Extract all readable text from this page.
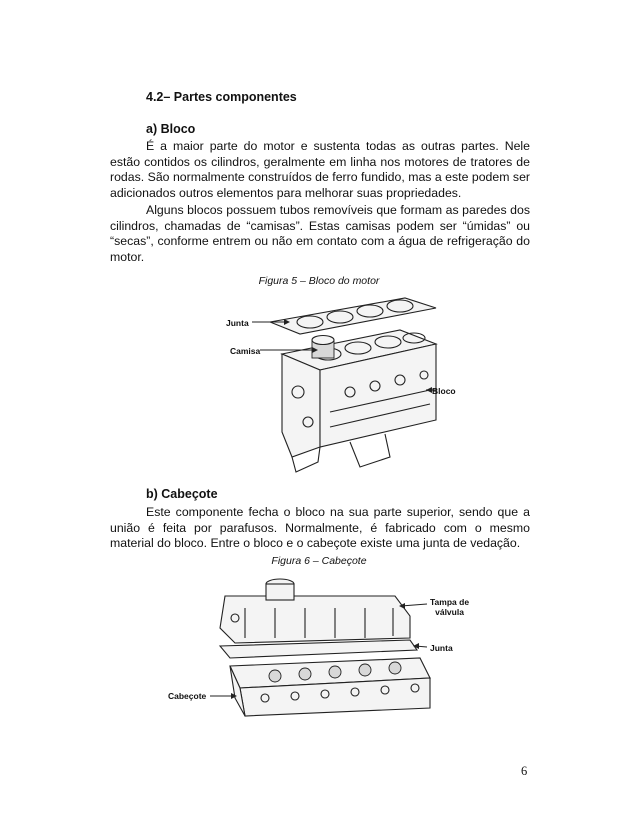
4.2– Partes componentes
a) Bloco

É a maior parte do motor e sustenta todas as outras partes. Nele estão contidos os cilindros, geralmente em linha nos motores de tratores de rodas. São normalmente construídos de ferro fundido, mas a este podem ser adicionados outros elementos para melhorar suas propriedades.

Alguns blocos possuem tubos removíveis que formam as paredes dos cilindros, chamadas de “camisas”. Estas camisas podem ser “úmidas” ou “secas”, conforme entrem ou não em contato com a água de refrigeração do motor.

Figura 5 – Bloco do motor
Junta
Camisa
Bloco
b) Cabeçote

Este componente fecha o bloco na sua parte superior, sendo que a união é feita por parafusos. Normalmente, é fabricado com o mesmo material do bloco. Entre o bloco e o cabeçote existe uma junta de vedação.

Figura 6 – Cabeçote
Tampa de
válvula
Junta
Cabeçote
6
